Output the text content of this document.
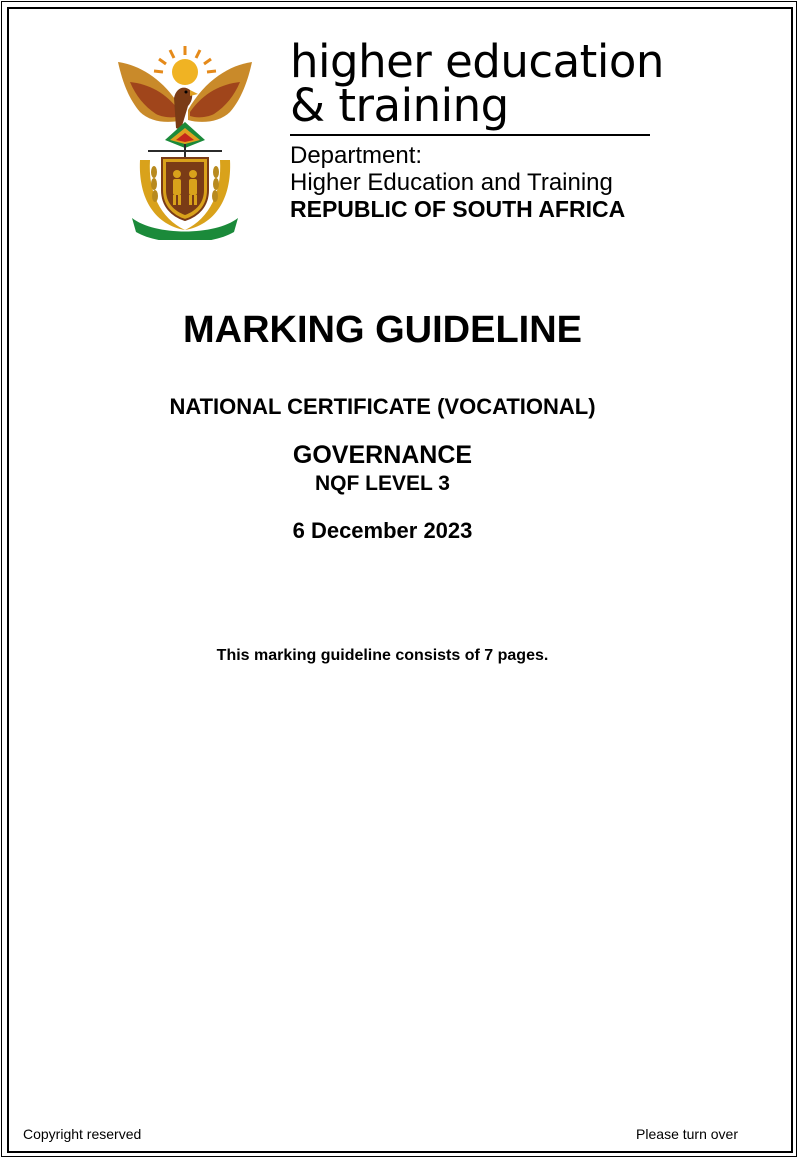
higher education
& training
Department:
Higher Education and Training
REPUBLIC OF SOUTH AFRICA
MARKING GUIDELINE
NATIONAL CERTIFICATE (VOCATIONAL)
GOVERNANCE
NQF LEVEL 3
6 December 2023
This marking guideline consists of 7 pages.
Copyright reserved	Please turn over
